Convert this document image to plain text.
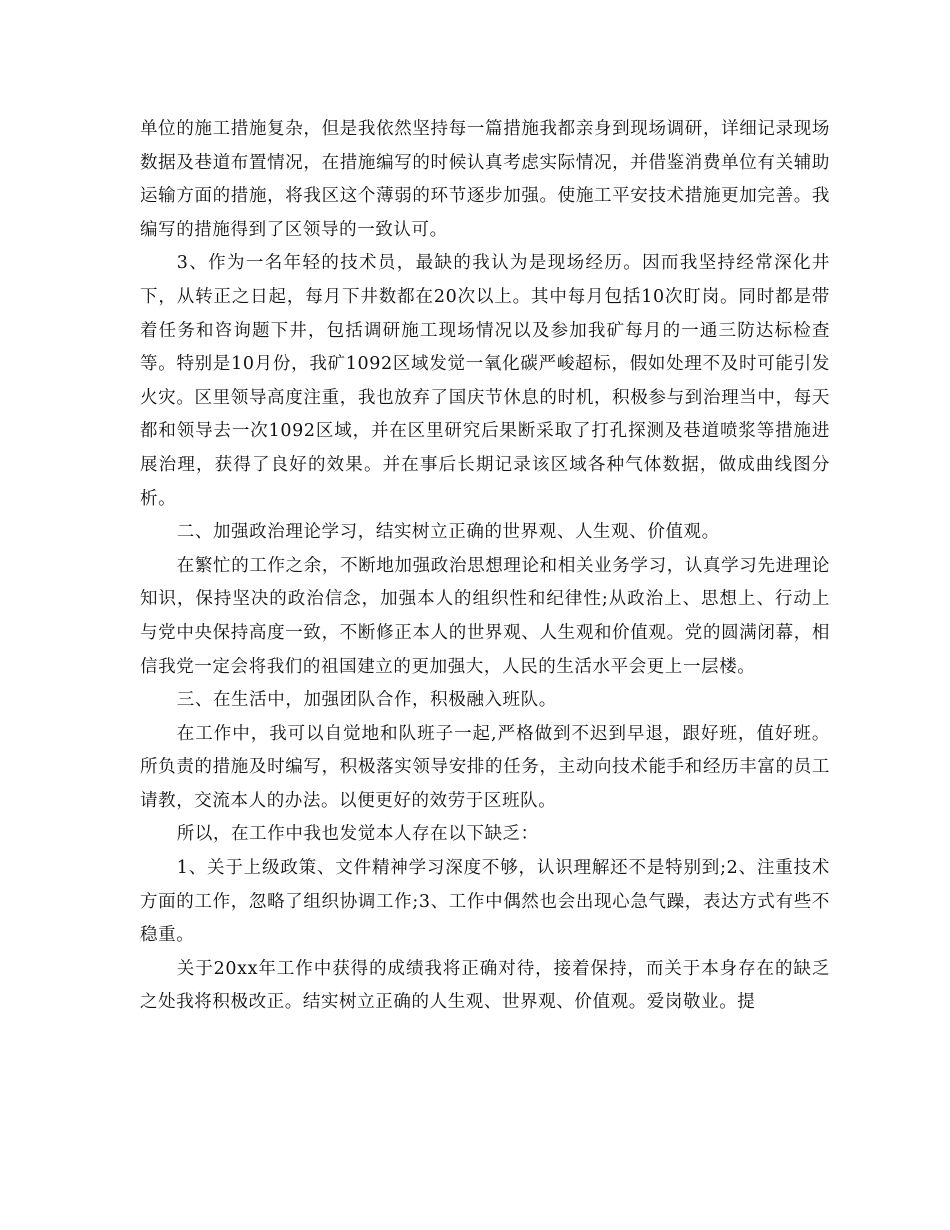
单位的施工措施复杂，但是我依然坚持每一篇措施我都亲身到现场调研，详细记录现场数据及巷道布置情况，在措施编写的时候认真考虑实际情况，并借鉴消费单位有关辅助运输方面的措施，将我区这个薄弱的环节逐步加强。使施工平安技术措施更加完善。我编写的措施得到了区领导的一致认可。

3、作为一名年轻的技术员，最缺的我认为是现场经历。因而我坚持经常深化井下，从转正之日起，每月下井数都在20次以上。其中每月包括10次盯岗。同时都是带着任务和咨询题下井，包括调研施工现场情况以及参加我矿每月的一通三防达标检查等。特别是10月份，我矿1092区域发觉一氧化碳严峻超标，假如处理不及时可能引发火灾。区里领导高度注重，我也放弃了国庆节休息的时机，积极参与到治理当中，每天都和领导去一次1092区域，并在区里研究后果断采取了打孔探测及巷道喷浆等措施进展治理，获得了良好的效果。并在事后长期记录该区域各种气体数据，做成曲线图分析。

二、加强政治理论学习，结实树立正确的世界观、人生观、价值观。

在繁忙的工作之余，不断地加强政治思想理论和相关业务学习，认真学习先进理论知识，保持坚决的政治信念，加强本人的组织性和纪律性;从政治上、思想上、行动上与党中央保持高度一致，不断修正本人的世界观、人生观和价值观。党的圆满闭幕，相信我党一定会将我们的祖国建立的更加强大，人民的生活水平会更上一层楼。

三、在生活中，加强团队合作，积极融入班队。

在工作中，我可以自觉地和队班子一起,严格做到不迟到早退，跟好班，值好班。所负责的措施及时编写，积极落实领导安排的任务，主动向技术能手和经历丰富的员工请教，交流本人的办法。以便更好的效劳于区班队。

所以，在工作中我也发觉本人存在以下缺乏：

1、关于上级政策、文件精神学习深度不够，认识理解还不是特别到;2、注重技术方面的工作，忽略了组织协调工作;3、工作中偶然也会出现心急气躁，表达方式有些不稳重。

关于20xx年工作中获得的成绩我将正确对待，接着保持，而关于本身存在的缺乏之处我将积极改正。结实树立正确的人生观、世界观、价值观。爱岗敬业。提
